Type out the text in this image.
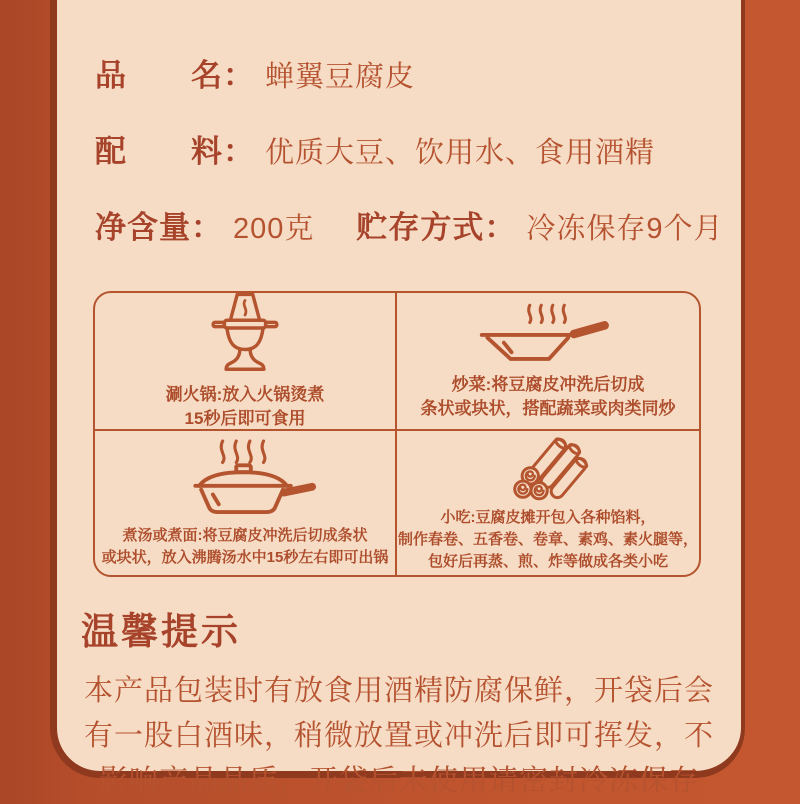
品　　名： 蝉翼豆腐皮
配　　料： 优质大豆、饮用水、食用酒精
净含量： 200克 贮存方式： 冷冻保存9个月
涮火锅:放入火锅烫煮
15秒后即可食用
炒菜:将豆腐皮冲洗后切成
条状或块状，搭配蔬菜或肉类同炒
煮汤或煮面:将豆腐皮冲洗后切成条状
或块状，放入沸腾汤水中15秒左右即可出锅
小吃:豆腐皮摊开包入各种馅料，
制作春卷、五香卷、卷章、素鸡、素火腿等，
包好后再蒸、煎、炸等做成各类小吃
温馨提示
本产品包装时有放食用酒精防腐保鲜，开袋后会
有一股白酒味，稍微放置或冲洗后即可挥发，不
影响产品品质，开袋后未使用请密封冷冻保存
